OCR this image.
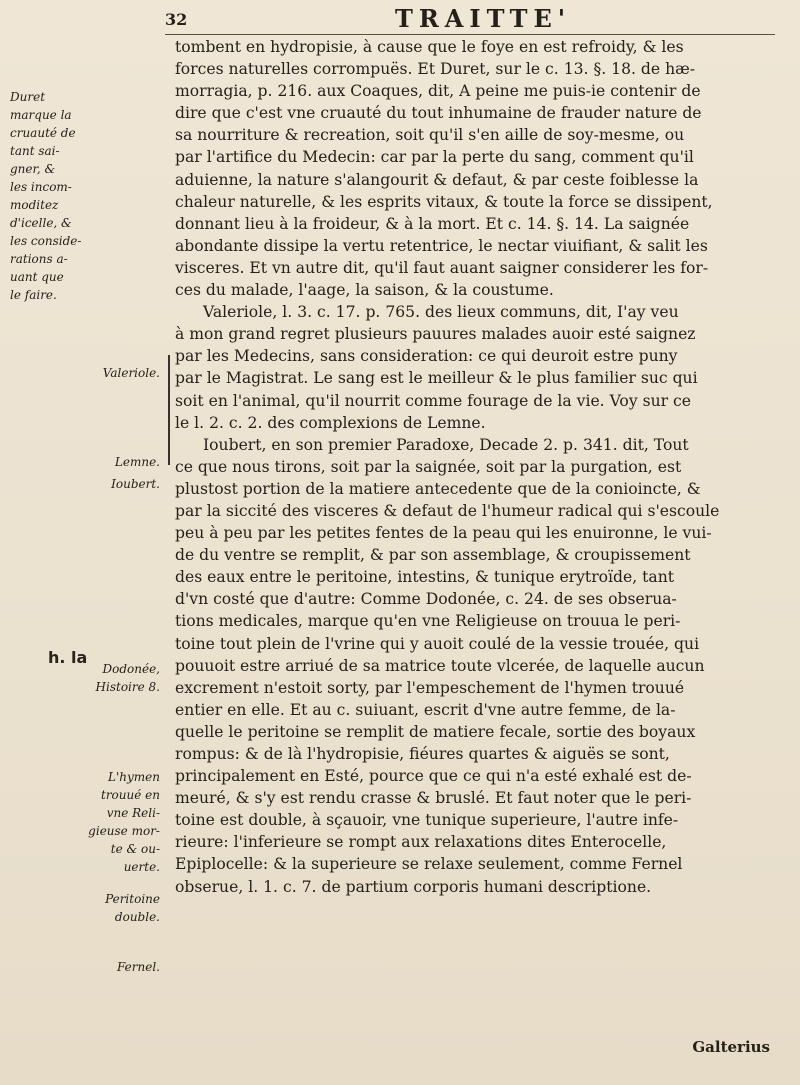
32	TRAITTE'
tombent en hydropisie, à cause que le foye en est refroidy, & les
forces naturelles corrompuës. Et Duret, sur le c. 13. §. 18. de hæ-
morragia, p. 216. aux Coaques, dit, A peine me puis-ie contenir de
dire que c'est vne cruauté du tout inhumaine de frauder nature de
sa nourriture & recreation, soit qu'il s'en aille de soy-mesme, ou
par l'artifice du Medecin: car par la perte du sang, comment qu'il
aduienne, la nature s'alangourit & defaut, & par ceste foiblesse la
chaleur naturelle, & les esprits vitaux, & toute la force se dissipent,
donnant lieu à la froideur, & à la mort. Et c. 14. §. 14. La saignée
abondante dissipe la vertu retentrice, le nectar viuifiant, & salit les
visceres. Et vn autre dit, qu'il faut auant saigner considerer les for-
ces du malade, l'aage, la saison, & la coustume.
Valeriole, l. 3. c. 17. p. 765. des lieux communs, dit, I'ay veu
à mon grand regret plusieurs pauures malades auoir esté saignez
par les Medecins, sans consideration: ce qui deuroit estre puny
par le Magistrat. Le sang est le meilleur & le plus familier suc qui
soit en l'animal, qu'il nourrit comme fourage de la vie. Voy sur ce
le l. 2. c. 2. des complexions de Lemne.
Ioubert, en son premier Paradoxe, Decade 2. p. 341. dit, Tout
ce que nous tirons, soit par la saignée, soit par la purgation, est
plustost portion de la matiere antecedente que de la conioincte, &
par la siccité des visceres & defaut de l'humeur radical qui s'escoule
peu à peu par les petites fentes de la peau qui les enuironne, le vui-
de du ventre se remplit, & par son assemblage, & croupissement
des eaux entre le peritoine, intestins, & tunique erytroïde, tant
d'vn costé que d'autre: Comme Dodonée, c. 24. de ses obserua-
tions medicales, marque qu'en vne Religieuse on trouua le peri-
toine tout plein de l'vrine qui y auoit coulé de la vessie trouée, qui
pouuoit estre arriué de sa matrice toute vlcerée, de laquelle aucun
excrement n'estoit sorty, par l'empeschement de l'hymen trouué
entier en elle. Et au c. suiuant, escrit d'vne autre femme, de la-
quelle le peritoine se remplit de matiere fecale, sortie des boyaux
rompus: & de là l'hydropisie, fiéures quartes & aiguës se sont,
principalement en Esté, pource que ce qui n'a esté exhalé est de-
meuré, & s'y est rendu crasse & bruslé. Et faut noter que le peri-
toine est double, à sçauoir, vne tunique superieure, l'autre infe-
rieure: l'inferieure se rompt aux relaxations dites Enterocelle,
Epiplocelle: & la superieure se relaxe seulement, comme Fernel
obserue, l. 1. c. 7. de partium corporis humani descriptione.
Duret
marque la
cruauté de
tant sai-
gner, &
les incom-
moditez
d'icelle, &
les conside-
rations a-
uant que
le faire.
Valeriole.
Lemne.
Ioubert.
Dodonée,
Histoire 8.
L'hymen
trouué en
vne Reli-
gieuse mor-
te & ou-
uerte.
Peritoine
double.
Fernel.
h. la
Galterius
